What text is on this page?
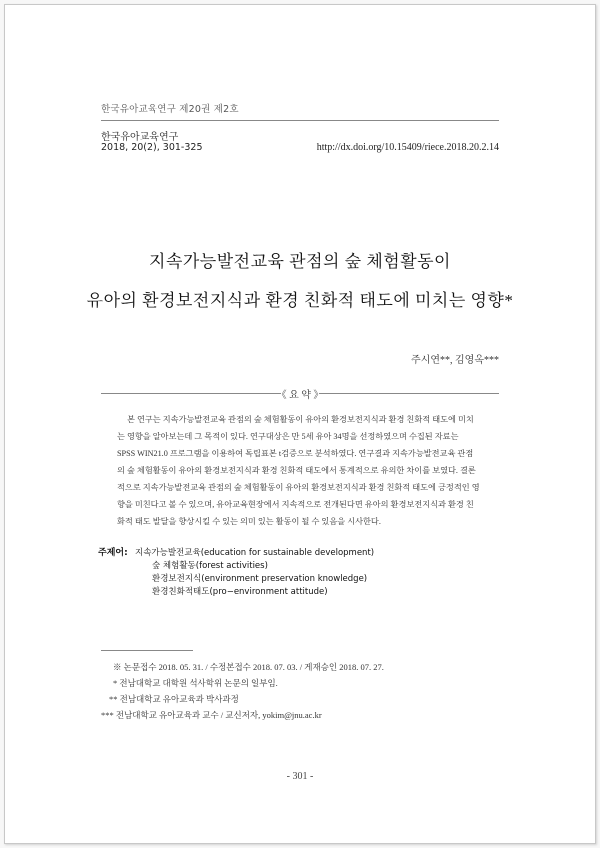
한국유아교육연구 제20권 제2호
한국유아교육연구
2018, 20(2), 301-325	http://dx.doi.org/10.15409/riece.2018.20.2.14
지속가능발전교육 관점의 숲 체험활동이
유아의 환경보전지식과 환경 친화적 태도에 미치는 영향*
주시연**, 김영옥***
《 요 약 》
본 연구는 지속가능발전교육 관점의 숲 체험활동이 유아의 환경보전지식과 환경 친화적 태도에 미치
는 영향을 알아보는데 그 목적이 있다. 연구대상은 만 5세 유아 34명을 선정하였으며 수집된 자료는
SPSS WIN21.0 프로그램을 이용하여 독립표본 t검증으로 분석하였다. 연구결과 지속가능발전교육 관점
의 숲 체험활동이 유아의 환경보전지식과 환경 친화적 태도에서 통계적으로 유의한 차이를 보였다. 결론
적으로 지속가능발전교육 관점의 숲 체험활동이 유아의 환경보전지식과 환경 친화적 태도에 긍정적인 영
향을 미친다고 볼 수 있으며, 유아교육현장에서 지속적으로 전개된다면 유아의 환경보전지식과 환경 친
화적 태도 발달을 향상시킬 수 있는 의미 있는 활동이 될 수 있음을 시사한다.
주제어: 지속가능발전교육(education for sustainable development)
숲 체험활동(forest activities)
환경보전지식(environment preservation knowledge)
환경친화적태도(pro−environment attitude)
※ 논문접수 2018. 05. 31. / 수정본접수 2018. 07. 03. / 게재승인 2018. 07. 27.
* 전남대학교 대학원 석사학위 논문의 일부임.
** 전남대학교 유아교육과 박사과정
*** 전남대학교 유아교육과 교수 / 교신저자, yokim@jnu.ac.kr
- 301 -
